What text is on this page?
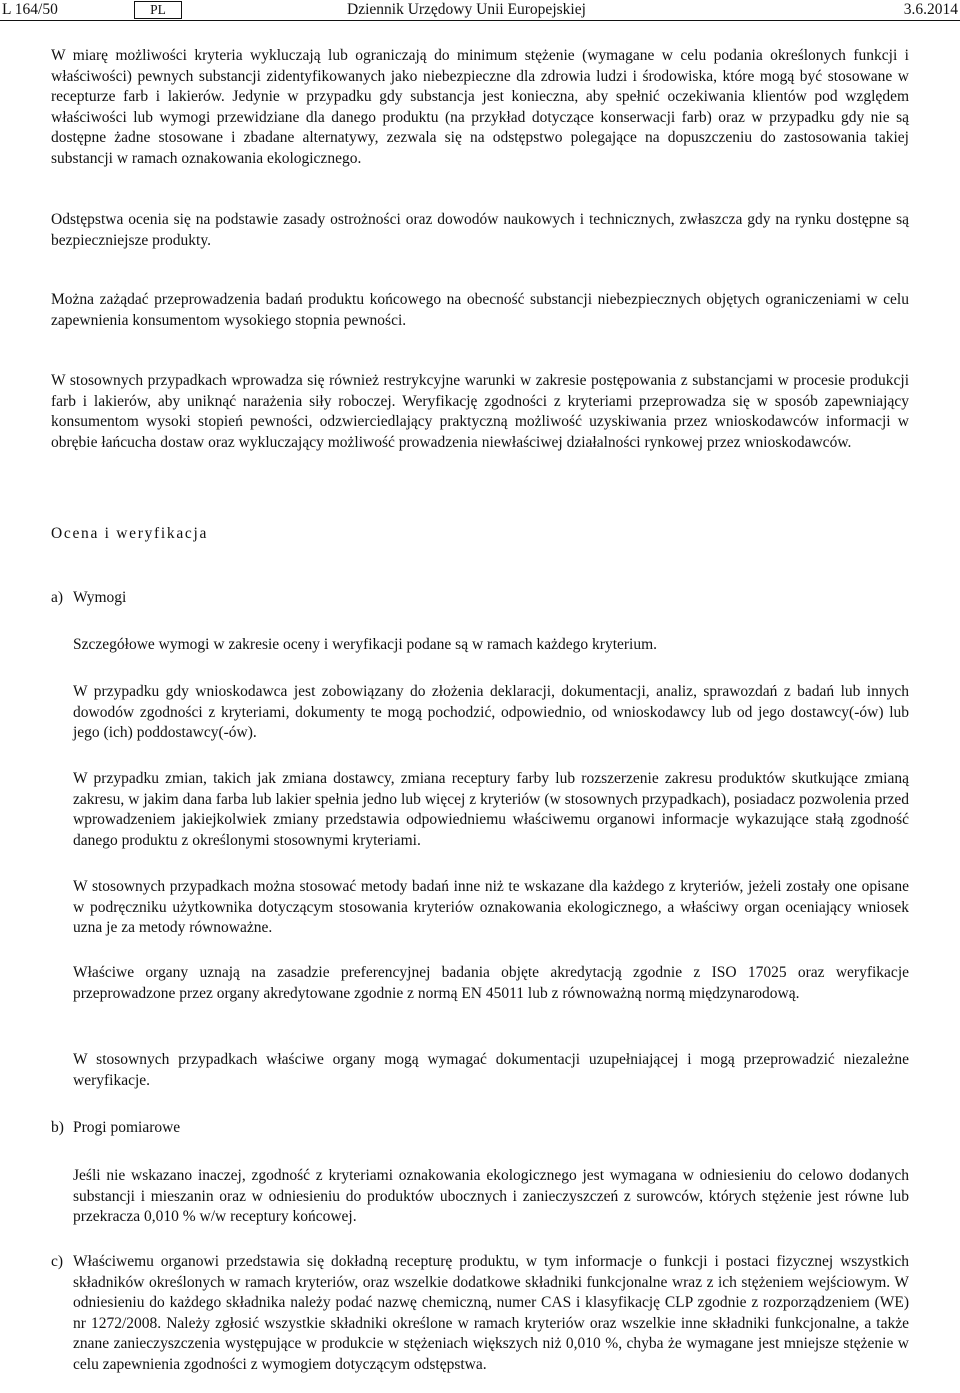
L 164/50	PL	Dziennik Urzędowy Unii Europejskiej	3.6.2014

W miarę możliwości kryteria wykluczają lub ograniczają do minimum stężenie (wymagane w celu podania określonych funkcji i właściwości) pewnych substancji zidentyfikowanych jako niebezpieczne dla zdrowia ludzi i środowiska, które mogą być stosowane w recepturze farb i lakierów. Jedynie w przypadku gdy substancja jest konieczna, aby spełnić oczekiwania klientów pod względem właściwości lub wymogi przewidziane dla danego produktu (na przykład dotyczące konserwacji farb) oraz w przypadku gdy nie są dostępne żadne stosowane i zbadane alternatywy, zezwala się na odstępstwo polegające na dopuszczeniu do zastosowania takiej substancji w ramach oznakowania ekologicznego.

Odstępstwa ocenia się na podstawie zasady ostrożności oraz dowodów naukowych i technicznych, zwłaszcza gdy na rynku dostępne są bezpieczniejsze produkty.

Można zażądać przeprowadzenia badań produktu końcowego na obecność substancji niebezpiecznych objętych ograniczeniami w celu zapewnienia konsumentom wysokiego stopnia pewności.

W stosownych przypadkach wprowadza się również restrykcyjne warunki w zakresie postępowania z substancjami w procesie produkcji farb i lakierów, aby uniknąć narażenia siły roboczej. Weryfikację zgodności z kryteriami przeprowadza się w sposób zapewniający konsumentom wysoki stopień pewności, odzwierciedlający praktyczną możliwość uzyskiwania przez wnioskodawców informacji w obrębie łańcucha dostaw oraz wykluczający możliwość prowadzenia niewłaściwej działalności rynkowej przez wnioskodawców.

Ocena i weryfikacja
a) Wymogi

Szczegółowe wymogi w zakresie oceny i weryfikacji podane są w ramach każdego kryterium.

W przypadku gdy wnioskodawca jest zobowiązany do złożenia deklaracji, dokumentacji, analiz, sprawozdań z badań lub innych dowodów zgodności z kryteriami, dokumenty te mogą pochodzić, odpowiednio, od wnioskodawcy lub od jego dostawcy(-ów) lub jego (ich) poddostawcy(-ów).

W przypadku zmian, takich jak zmiana dostawcy, zmiana receptury farby lub rozszerzenie zakresu produktów skutkujące zmianą zakresu, w jakim dana farba lub lakier spełnia jedno lub więcej z kryteriów (w stosownych przypadkach), posiadacz pozwolenia przed wprowadzeniem jakiejkolwiek zmiany przedstawia odpowiedniemu właściwemu organowi informacje wykazujące stałą zgodność danego produktu z określonymi stosownymi kryteriami.

W stosownych przypadkach można stosować metody badań inne niż te wskazane dla każdego z kryteriów, jeżeli zostały one opisane w podręczniku użytkownika dotyczącym stosowania kryteriów oznakowania ekologicznego, a właściwy organ oceniający wniosek uzna je za metody równoważne.

Właściwe organy uznają na zasadzie preferencyjnej badania objęte akredytacją zgodnie z ISO 17025 oraz weryfikacje przeprowadzone przez organy akredytowane zgodnie z normą EN 45011 lub z równoważną normą międzynarodową.

W stosownych przypadkach właściwe organy mogą wymagać dokumentacji uzupełniającej i mogą przeprowadzić niezależne weryfikacje.

b) Progi pomiarowe

Jeśli nie wskazano inaczej, zgodność z kryteriami oznakowania ekologicznego jest wymagana w odniesieniu do celowo dodanych substancji i mieszanin oraz w odniesieniu do produktów ubocznych i zanieczyszczeń z surowców, których stężenie jest równe lub przekracza 0,010 % w/w receptury końcowej.

c) Właściwemu organowi przedstawia się dokładną recepturę produktu, w tym informacje o funkcji i postaci fizycznej wszystkich składników określonych w ramach kryteriów, oraz wszelkie dodatkowe składniki funkcjonalne wraz z ich stężeniem wejściowym. W odniesieniu do każdego składnika należy podać nazwę chemiczną, numer CAS i klasyfikację CLP zgodnie z rozporządzeniem (WE) nr 1272/2008. Należy zgłosić wszystkie składniki określone w ramach kryteriów oraz wszelkie inne składniki funkcjonalne, a także znane zanieczyszczenia występujące w produkcie w stężeniach większych niż 0,010 %, chyba że wymagane jest mniejsze stężenie w celu zapewnienia zgodności z wymogiem dotyczącym odstępstwa.
